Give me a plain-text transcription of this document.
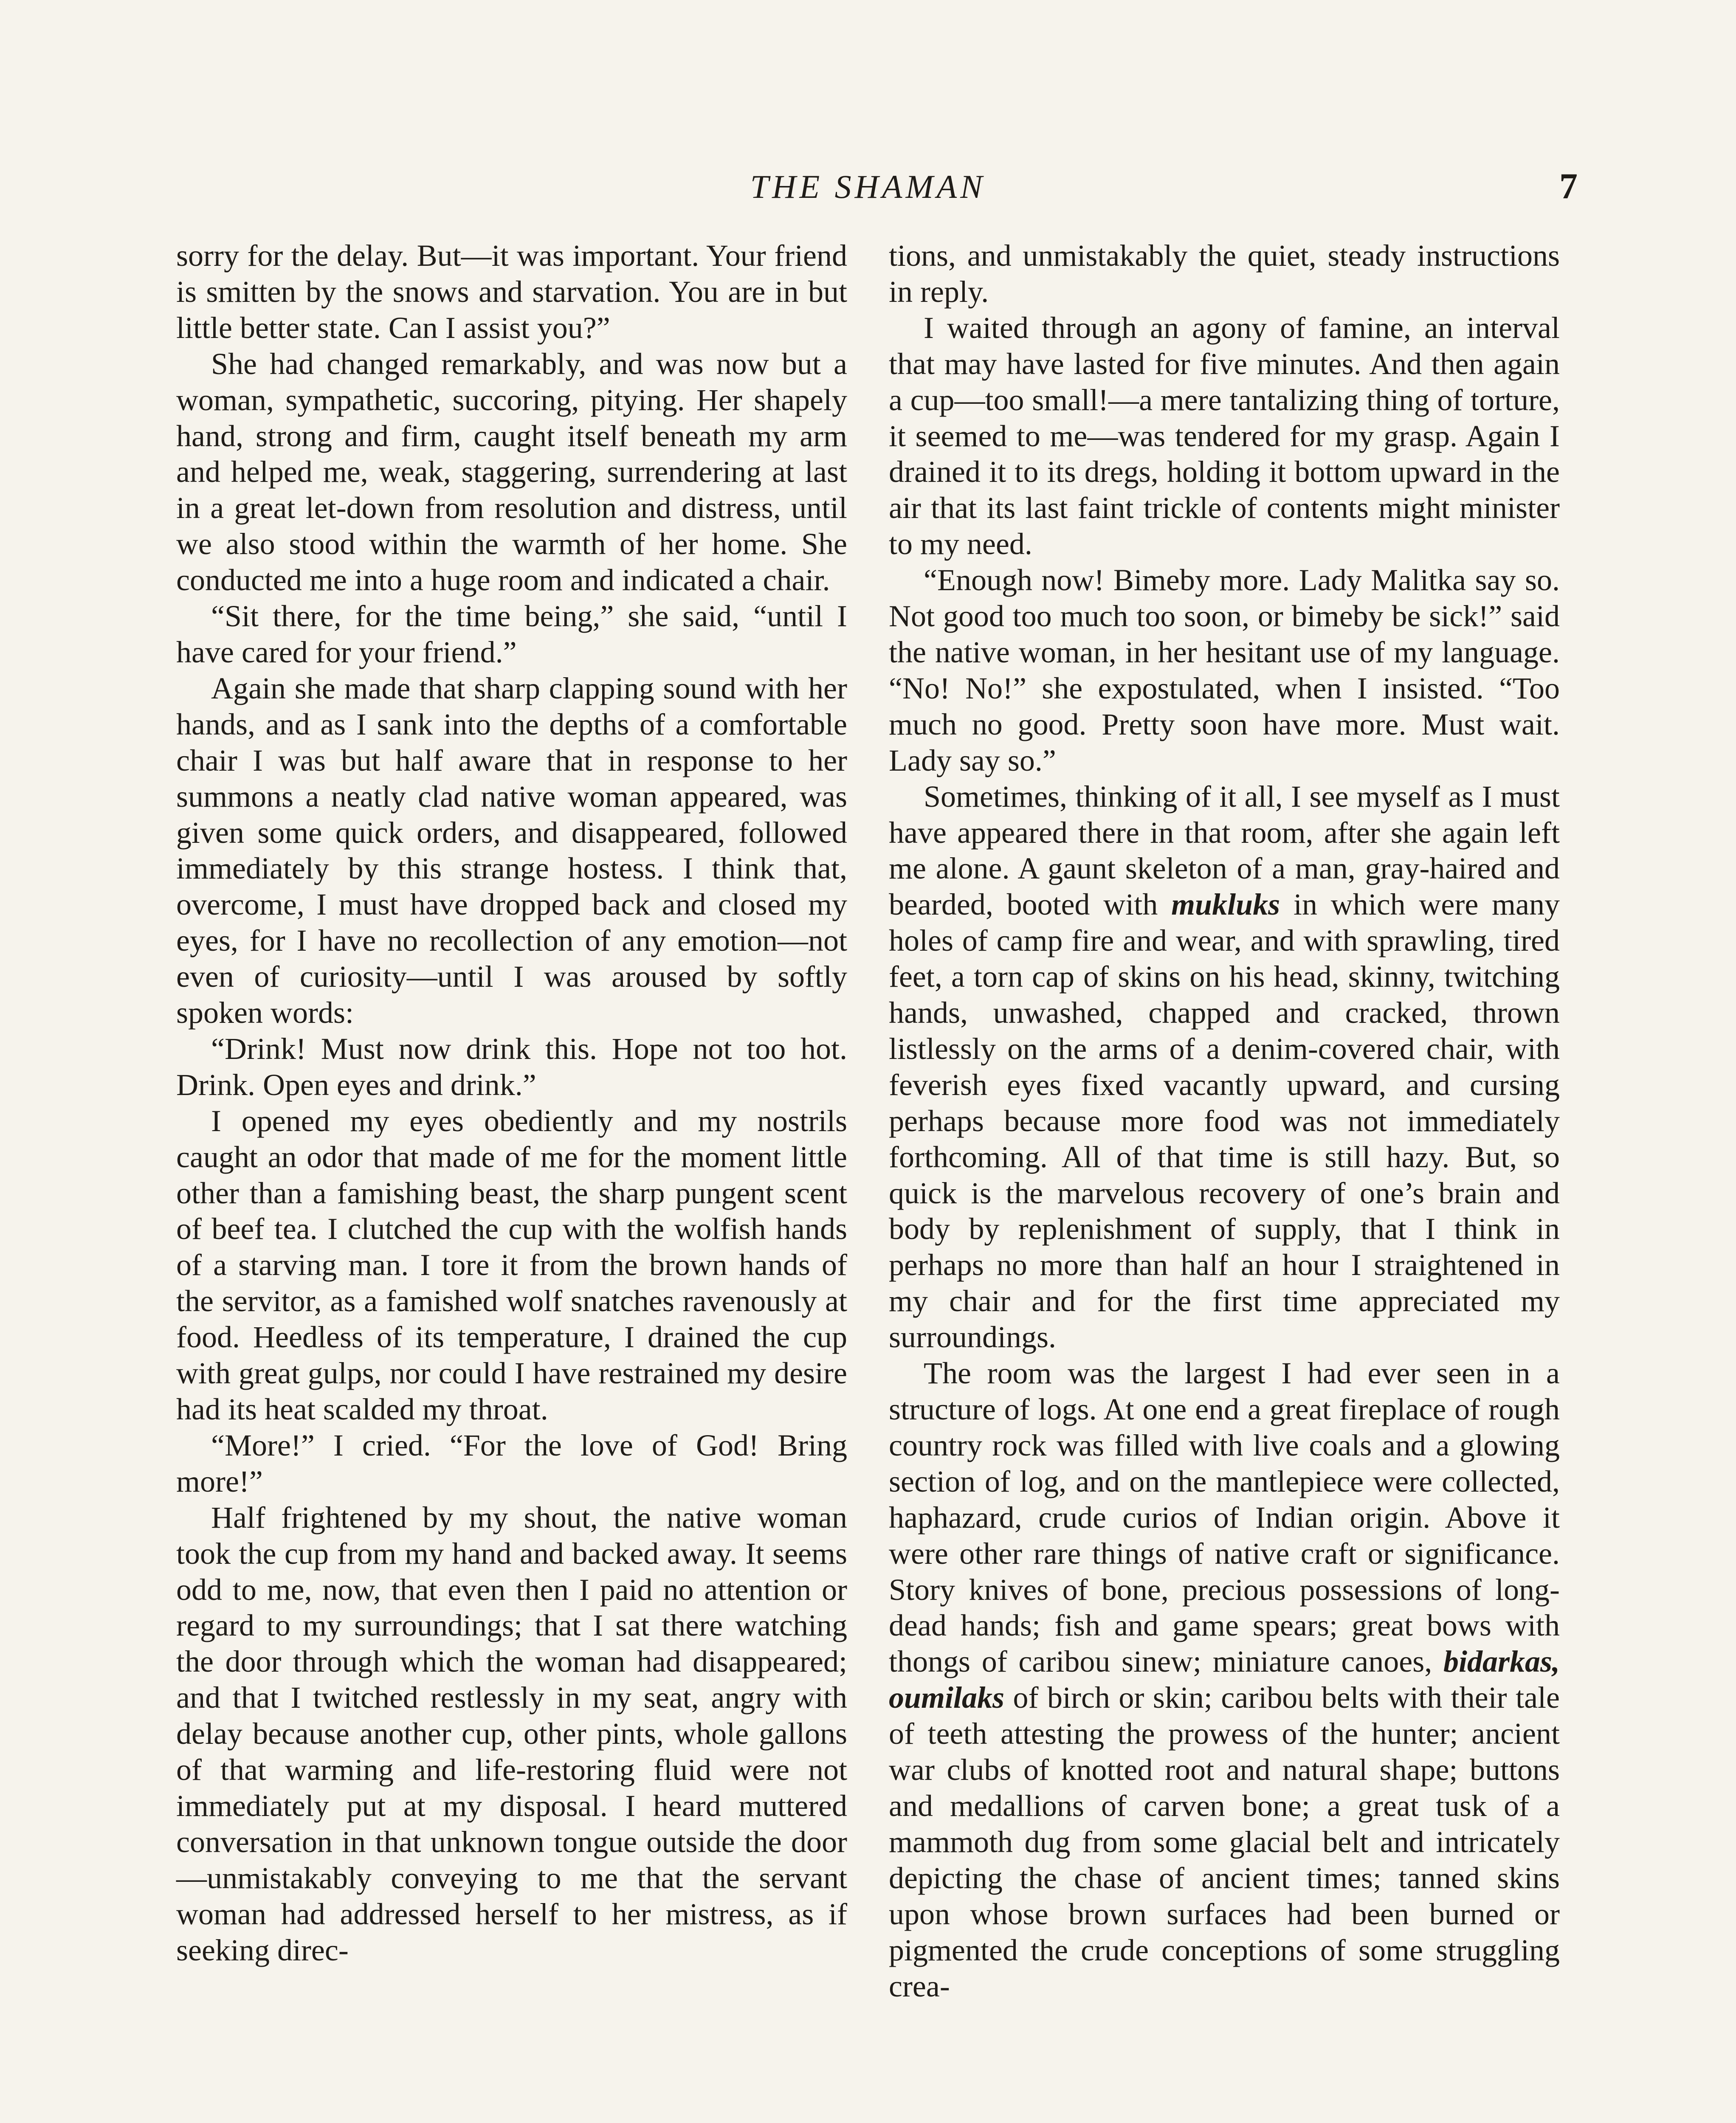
THE SHAMAN	7

sorry for the delay. But—it was important. Your friend is smitten by the snows and starvation. You are in but little better state. Can I assist you?”

She had changed remarkably, and was now but a woman, sympathetic, succoring, pitying. Her shapely hand, strong and firm, caught itself beneath my arm and helped me, weak, staggering, surrendering at last in a great let-down from resolution and distress, until we also stood within the warmth of her home. She conducted me into a huge room and indicated a chair.

“Sit there, for the time being,” she said, “until I have cared for your friend.”

Again she made that sharp clapping sound with her hands, and as I sank into the depths of a comfortable chair I was but half aware that in response to her summons a neatly clad native woman appeared, was given some quick orders, and disappeared, followed immediately by this strange hostess. I think that, overcome, I must have dropped back and closed my eyes, for I have no recollection of any emotion—not even of curiosity—until I was aroused by softly spoken words:

“Drink! Must now drink this. Hope not too hot. Drink. Open eyes and drink.”

I opened my eyes obediently and my nostrils caught an odor that made of me for the moment little other than a famishing beast, the sharp pungent scent of beef tea. I clutched the cup with the wolfish hands of a starving man. I tore it from the brown hands of the servitor, as a famished wolf snatches ravenously at food. Heedless of its temperature, I drained the cup with great gulps, nor could I have restrained my desire had its heat scalded my throat.

“More!” I cried. “For the love of God! Bring more!”

Half frightened by my shout, the native woman took the cup from my hand and backed away. It seems odd to me, now, that even then I paid no attention or regard to my surroundings; that I sat there watching the door through which the woman had disappeared; and that I twitched restlessly in my seat, angry with delay because another cup, other pints, whole gallons of that warming and life-restoring fluid were not immediately put at my disposal. I heard muttered conversation in that unknown tongue outside the door—unmistakably conveying to me that the servant woman had addressed herself to her mistress, as if seeking direc-

tions, and unmistakably the quiet, steady instructions in reply.

I waited through an agony of famine, an interval that may have lasted for five minutes. And then again a cup—too small!—a mere tantalizing thing of torture, it seemed to me—was tendered for my grasp. Again I drained it to its dregs, holding it bottom upward in the air that its last faint trickle of contents might minister to my need.

“Enough now! Bimeby more. Lady Malitka say so. Not good too much too soon, or bimeby be sick!” said the native woman, in her hesitant use of my language. “No! No!” she expostulated, when I insisted. “Too much no good. Pretty soon have more. Must wait. Lady say so.”

Sometimes, thinking of it all, I see myself as I must have appeared there in that room, after she again left me alone. A gaunt skeleton of a man, gray-haired and bearded, booted with mukluks in which were many holes of camp fire and wear, and with sprawling, tired feet, a torn cap of skins on his head, skinny, twitching hands, unwashed, chapped and cracked, thrown listlessly on the arms of a denim-covered chair, with feverish eyes fixed vacantly upward, and cursing perhaps because more food was not immediately forthcoming. All of that time is still hazy. But, so quick is the marvelous recovery of one’s brain and body by replenishment of supply, that I think in perhaps no more than half an hour I straightened in my chair and for the first time appreciated my surroundings.

The room was the largest I had ever seen in a structure of logs. At one end a great fireplace of rough country rock was filled with live coals and a glowing section of log, and on the mantlepiece were collected, haphazard, crude curios of Indian origin. Above it were other rare things of native craft or significance. Story knives of bone, precious possessions of long-dead hands; fish and game spears; great bows with thongs of caribou sinew; miniature canoes, bidarkas, oumilaks of birch or skin; caribou belts with their tale of teeth attesting the prowess of the hunter; ancient war clubs of knotted root and natural shape; buttons and medallions of carven bone; a great tusk of a mammoth dug from some glacial belt and intricately depicting the chase of ancient times; tanned skins upon whose brown surfaces had been burned or pigmented the crude conceptions of some struggling crea-
